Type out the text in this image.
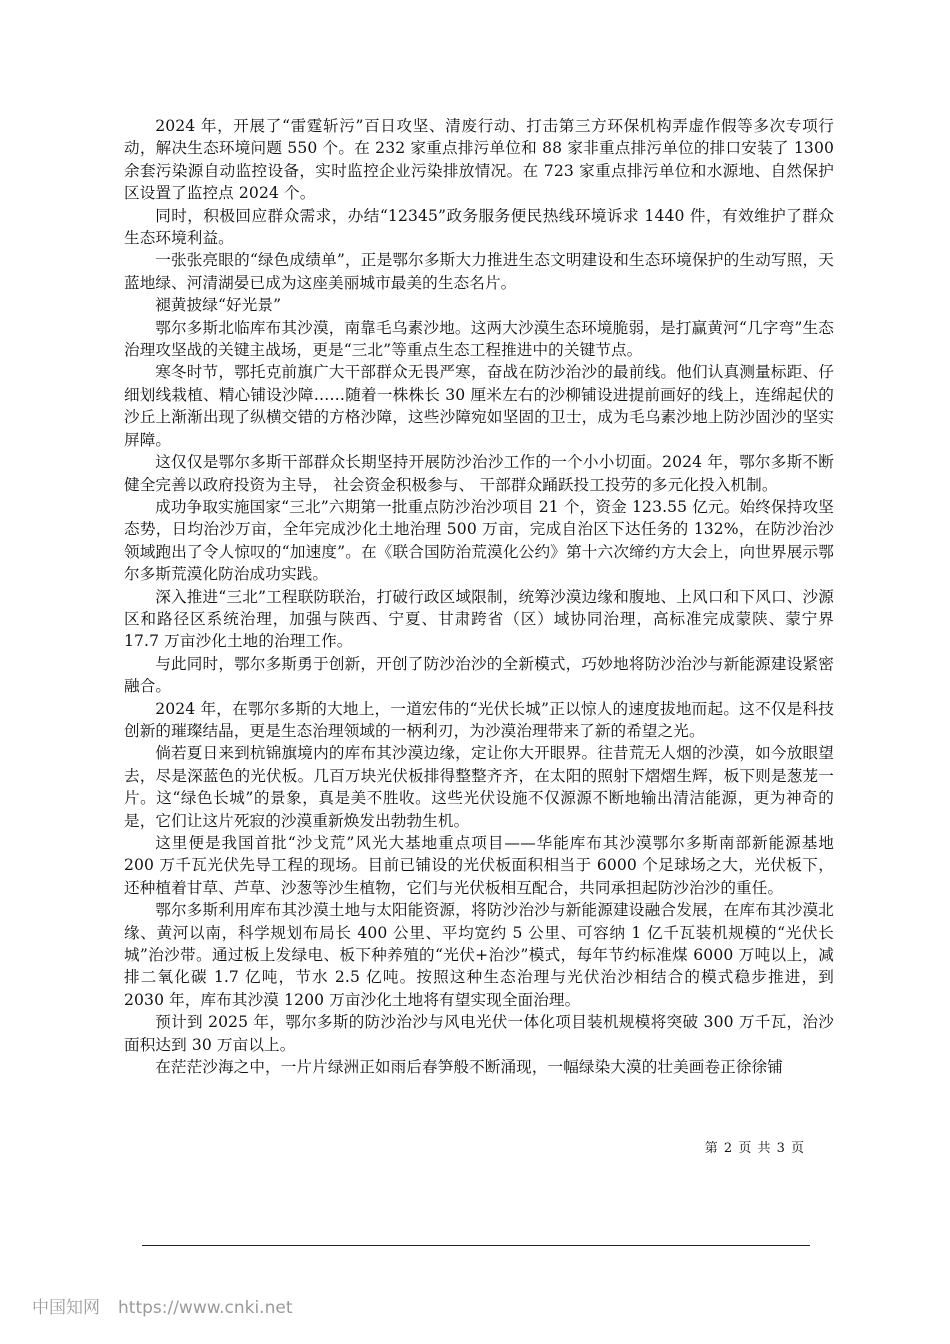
2024 年，开展了“雷霆斩污”百日攻坚、清废行动、打击第三方环保机构弄虚作假等多次专项行动，解决生态环境问题 550 个。在 232 家重点排污单位和 88 家非重点排污单位的排口安装了 1300 余套污染源自动监控设备，实时监控企业污染排放情况。在 723 家重点排污单位和水源地、自然保护区设置了监控点 2024 个。

同时，积极回应群众需求，办结“12345”政务服务便民热线环境诉求 1440 件，有效维护了群众生态环境利益。

一张张亮眼的“绿色成绩单”，正是鄂尔多斯大力推进生态文明建设和生态环境保护的生动写照，天蓝地绿、河清湖晏已成为这座美丽城市最美的生态名片。

褪黄披绿“好光景”

鄂尔多斯北临库布其沙漠，南靠毛乌素沙地。这两大沙漠生态环境脆弱，是打赢黄河“几字弯”生态治理攻坚战的关键主战场，更是“三北”等重点生态工程推进中的关键节点。

寒冬时节，鄂托克前旗广大干部群众无畏严寒，奋战在防沙治沙的最前线。他们认真测量标距、仔细划线栽植、精心铺设沙障……随着一株株长 30 厘米左右的沙柳铺设进提前画好的线上，连绵起伏的沙丘上渐渐出现了纵横交错的方格沙障，这些沙障宛如坚固的卫士，成为毛乌素沙地上防沙固沙的坚实屏障。

这仅仅是鄂尔多斯干部群众长期坚持开展防沙治沙工作的一个小小切面。2024 年，鄂尔多斯不断健全完善以政府投资为主导， 社会资金积极参与、 干部群众踊跃投工投劳的多元化投入机制。

成功争取实施国家“三北”六期第一批重点防沙治沙项目 21 个，资金 123.55 亿元。始终保持攻坚态势，日均治沙万亩，全年完成沙化土地治理 500 万亩，完成自治区下达任务的 132%，在防沙治沙领域跑出了令人惊叹的“加速度”。在《联合国防治荒漠化公约》第十六次缔约方大会上，向世界展示鄂尔多斯荒漠化防治成功实践。

深入推进“三北”工程联防联治，打破行政区域限制，统筹沙漠边缘和腹地、上风口和下风口、沙源区和路径区系统治理，加强与陕西、宁夏、甘肃跨省（区）域协同治理，高标准完成蒙陕、蒙宁界 17.7 万亩沙化土地的治理工作。

与此同时，鄂尔多斯勇于创新，开创了防沙治沙的全新模式，巧妙地将防沙治沙与新能源建设紧密融合。

2024 年，在鄂尔多斯的大地上，一道宏伟的“光伏长城”正以惊人的速度拔地而起。这不仅是科技创新的璀璨结晶，更是生态治理领域的一柄利刃，为沙漠治理带来了新的希望之光。

倘若夏日来到杭锦旗境内的库布其沙漠边缘，定让你大开眼界。往昔荒无人烟的沙漠，如今放眼望去，尽是深蓝色的光伏板。几百万块光伏板排得整整齐齐，在太阳的照射下熠熠生辉，板下则是葱茏一片。这“绿色长城”的景象，真是美不胜收。这些光伏设施不仅源源不断地输出清洁能源，更为神奇的是，它们让这片死寂的沙漠重新焕发出勃勃生机。

这里便是我国首批“沙戈荒”风光大基地重点项目——华能库布其沙漠鄂尔多斯南部新能源基地 200 万千瓦光伏先导工程的现场。目前已铺设的光伏板面积相当于 6000 个足球场之大，光伏板下，还种植着甘草、芦草、沙葱等沙生植物，它们与光伏板相互配合，共同承担起防沙治沙的重任。

鄂尔多斯利用库布其沙漠土地与太阳能资源，将防沙治沙与新能源建设融合发展，在库布其沙漠北缘、黄河以南，科学规划布局长 400 公里、平均宽约 5 公里、可容纳 1 亿千瓦装机规模的“光伏长城”治沙带。通过板上发绿电、板下种养殖的“光伏+治沙”模式，每年节约标准煤 6000 万吨以上，减排二氧化碳 1.7 亿吨，节水 2.5 亿吨。按照这种生态治理与光伏治沙相结合的模式稳步推进，到 2030 年，库布其沙漠 1200 万亩沙化土地将有望实现全面治理。

预计到 2025 年，鄂尔多斯的防沙治沙与风电光伏一体化项目装机规模将突破 300 万千瓦，治沙面积达到 30 万亩以上。

在茫茫沙海之中，一片片绿洲正如雨后春笋般不断涌现，一幅绿染大漠的壮美画卷正徐徐铺

第 2 页 共 3 页
中国知网 https://www.cnki.net
